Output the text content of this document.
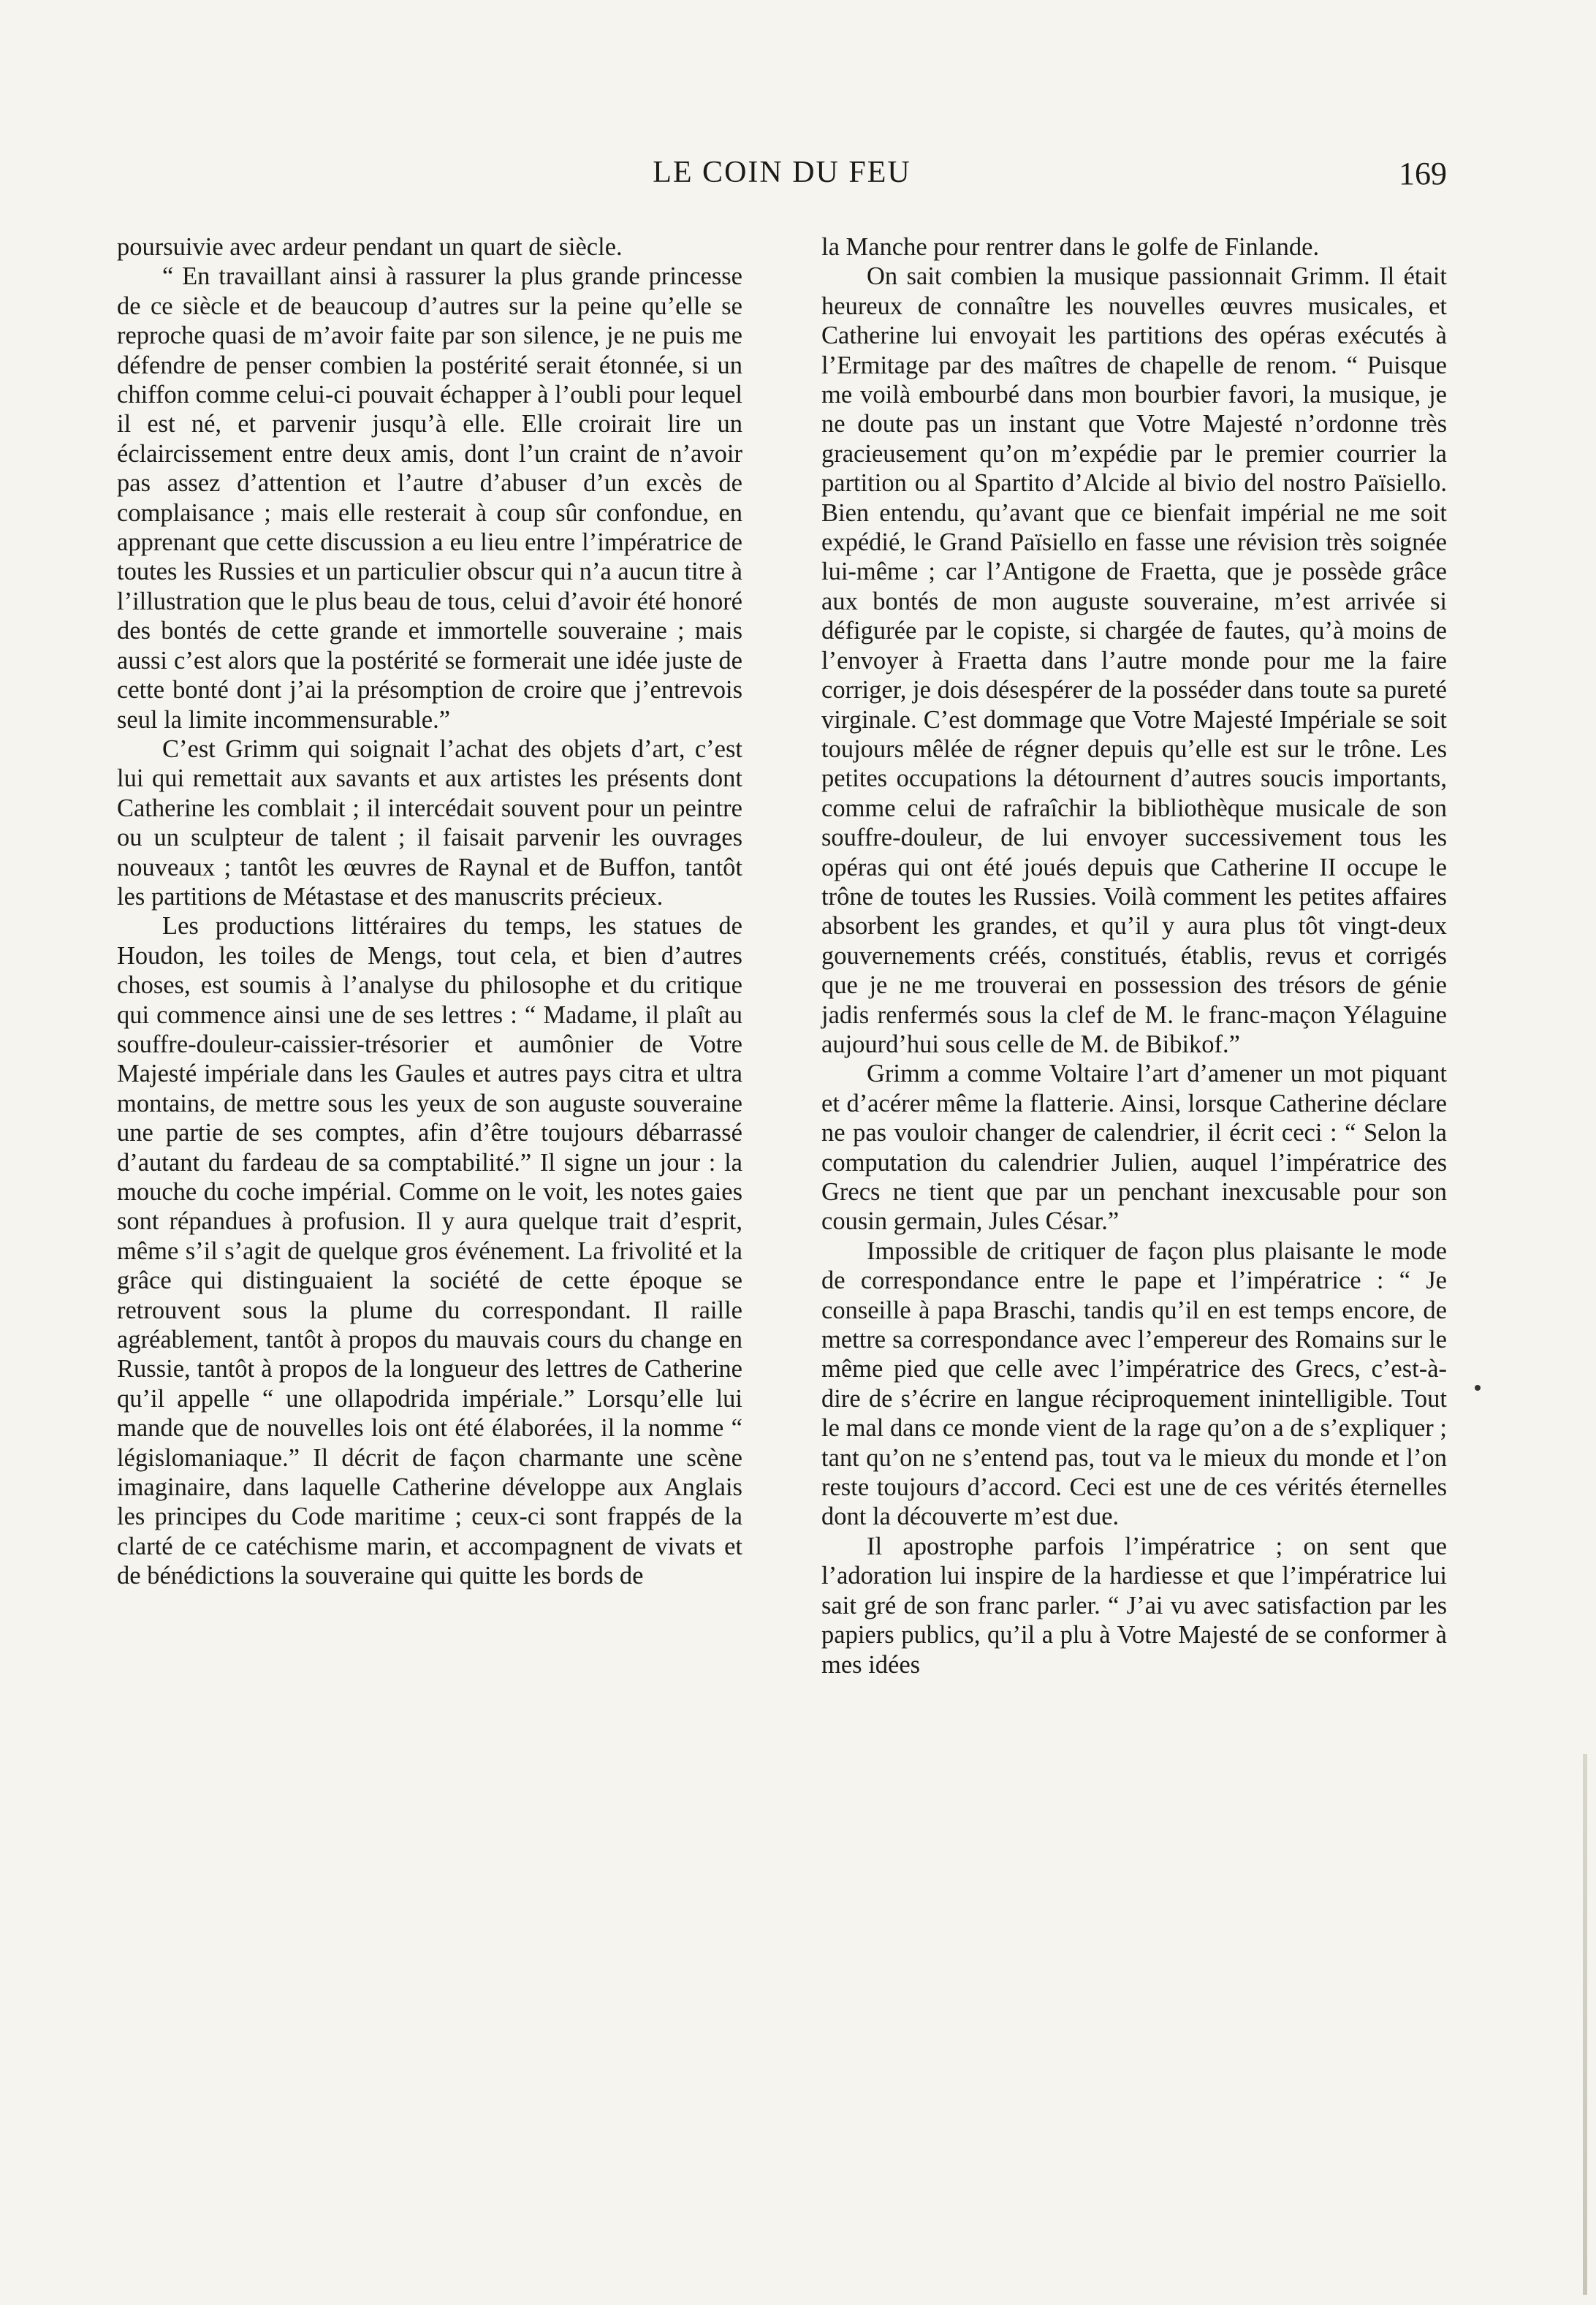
LE COIN DU FEU	169

poursuivie avec ardeur pendant un quart de siècle.

“ En travaillant ainsi à rassurer la plus grande princesse de ce siècle et de beaucoup d’autres sur la peine qu’elle se reproche quasi de m’avoir faite par son silence, je ne puis me défendre de penser combien la postérité serait étonnée, si un chiffon comme celui-ci pouvait échapper à l’oubli pour lequel il est né, et parvenir jusqu’à elle. Elle croirait lire un éclaircissement entre deux amis, dont l’un craint de n’avoir pas assez d’attention et l’autre d’abuser d’un excès de complaisance ; mais elle resterait à coup sûr confondue, en apprenant que cette discussion a eu lieu entre l’impératrice de toutes les Russies et un particulier obscur qui n’a aucun titre à l’illustration que le plus beau de tous, celui d’avoir été honoré des bontés de cette grande et immortelle souveraine ; mais aussi c’est alors que la postérité se formerait une idée juste de cette bonté dont j’ai la présomption de croire que j’entrevois seul la limite incommensurable.”

C’est Grimm qui soignait l’achat des objets d’art, c’est lui qui remettait aux savants et aux artistes les présents dont Catherine les comblait ; il intercédait souvent pour un peintre ou un sculpteur de talent ; il faisait parvenir les ouvrages nouveaux ; tantôt les œuvres de Raynal et de Buffon, tantôt les partitions de Métastase et des manuscrits précieux.

Les productions littéraires du temps, les statues de Houdon, les toiles de Mengs, tout cela, et bien d’autres choses, est soumis à l’analyse du philosophe et du critique qui commence ainsi une de ses lettres : “ Madame, il plaît au souffre-douleur-caissier-trésorier et aumônier de Votre Majesté impériale dans les Gaules et autres pays citra et ultra montains, de mettre sous les yeux de son auguste souveraine une partie de ses comptes, afin d’être toujours débarrassé d’autant du fardeau de sa comptabilité.” Il signe un jour : la mouche du coche impérial. Comme on le voit, les notes gaies sont répandues à profusion. Il y aura quelque trait d’esprit, même s’il s’agit de quelque gros événement. La frivolité et la grâce qui distinguaient la société de cette époque se retrouvent sous la plume du correspondant. Il raille agréablement, tantôt à propos du mauvais cours du change en Russie, tantôt à propos de la longueur des lettres de Catherine qu’il appelle “ une ollapodrida impériale.” Lorsqu’elle lui mande que de nouvelles lois ont été élaborées, il la nomme “ législomaniaque.” Il décrit de façon charmante une scène imaginaire, dans laquelle Catherine développe aux Anglais les principes du Code maritime ; ceux-ci sont frappés de la clarté de ce catéchisme marin, et accompagnent de vivats et de bénédictions la souveraine qui quitte les bords de

la Manche pour rentrer dans le golfe de Finlande.

On sait combien la musique passionnait Grimm. Il était heureux de connaître les nouvelles œuvres musicales, et Catherine lui envoyait les partitions des opéras exécutés à l’Ermitage par des maîtres de chapelle de renom. “ Puisque me voilà embourbé dans mon bourbier favori, la musique, je ne doute pas un instant que Votre Majesté n’ordonne très gracieusement qu’on m’expédie par le premier courrier la partition ou al Spartito d’Alcide al bivio del nostro Païsiello. Bien entendu, qu’avant que ce bienfait impérial ne me soit expédié, le Grand Païsiello en fasse une révision très soignée lui-même ; car l’Antigone de Fraetta, que je possède grâce aux bontés de mon auguste souveraine, m’est arrivée si défigurée par le copiste, si chargée de fautes, qu’à moins de l’envoyer à Fraetta dans l’autre monde pour me la faire corriger, je dois désespérer de la posséder dans toute sa pureté virginale. C’est dommage que Votre Majesté Impériale se soit toujours mêlée de régner depuis qu’elle est sur le trône. Les petites occupations la détournent d’autres soucis importants, comme celui de rafraîchir la bibliothèque musicale de son souffre-douleur, de lui envoyer successivement tous les opéras qui ont été joués depuis que Catherine II occupe le trône de toutes les Russies. Voilà comment les petites affaires absorbent les grandes, et qu’il y aura plus tôt vingt-deux gouvernements créés, constitués, établis, revus et corrigés que je ne me trouverai en possession des trésors de génie jadis renfermés sous la clef de M. le franc-maçon Yélaguine aujourd’hui sous celle de M. de Bibikof.”

Grimm a comme Voltaire l’art d’amener un mot piquant et d’acérer même la flatterie. Ainsi, lorsque Catherine déclare ne pas vouloir changer de calendrier, il écrit ceci : “ Selon la computation du calendrier Julien, auquel l’impératrice des Grecs ne tient que par un penchant inexcusable pour son cousin germain, Jules César.”

Impossible de critiquer de façon plus plaisante le mode de correspondance entre le pape et l’impératrice : “ Je conseille à papa Braschi, tandis qu’il en est temps encore, de mettre sa correspondance avec l’empereur des Romains sur le même pied que celle avec l’impératrice des Grecs, c’est-à-dire de s’écrire en langue réciproquement inintelligible. Tout le mal dans ce monde vient de la rage qu’on a de s’expliquer ; tant qu’on ne s’entend pas, tout va le mieux du monde et l’on reste toujours d’accord. Ceci est une de ces vérités éternelles dont la découverte m’est due.

Il apostrophe parfois l’impératrice ; on sent que l’adoration lui inspire de la hardiesse et que l’impératrice lui sait gré de son franc parler. “ J’ai vu avec satisfaction par les papiers publics, qu’il a plu à Votre Majesté de se conformer à mes idées
